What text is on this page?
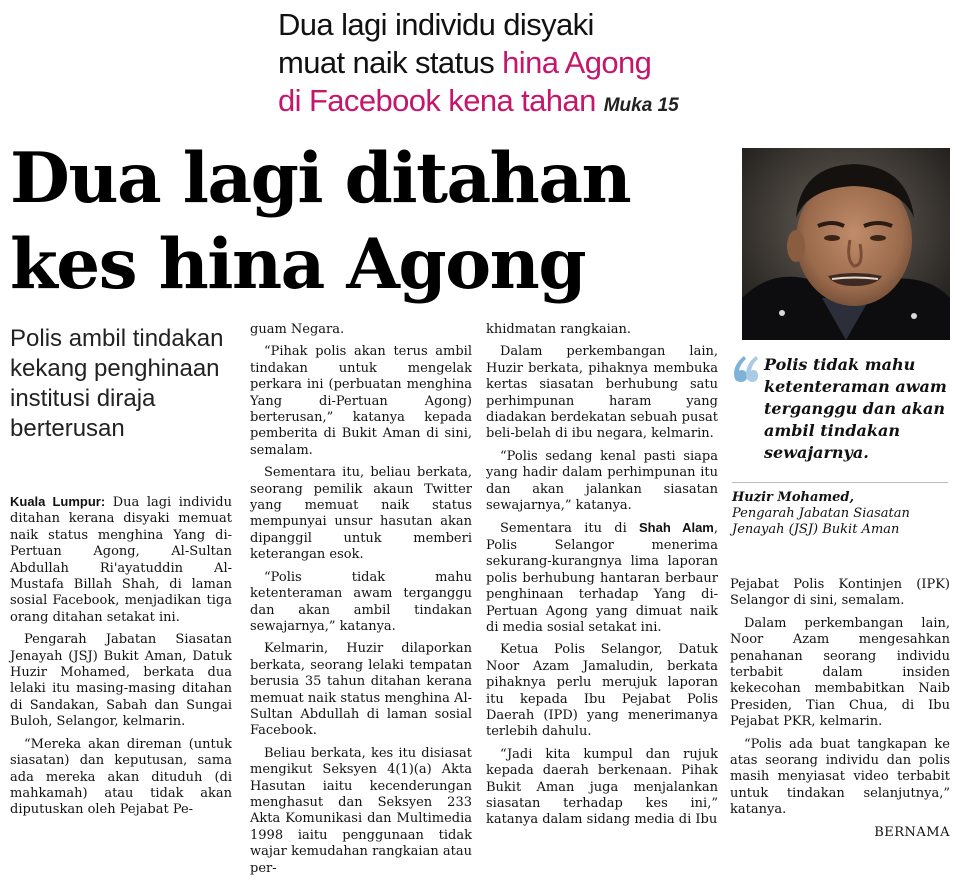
Dua lagi individu disyaki
muat naik status hina Agong
di Facebook kena tahan Muka 15
Dua lagi ditahan
kes hina Agong
Polis ambil tindakan kekang penghinaan institusi diraja berterusan

Kuala Lumpur: Dua lagi individu ditahan kerana disyaki memuat naik status menghina Yang di-Pertuan Agong, Al-Sultan Abdullah Ri'ayatuddin Al-Mustafa Billah Shah, di laman sosial Facebook, menjadikan tiga orang ditahan setakat ini.

Pengarah Jabatan Siasatan Jenayah (JSJ) Bukit Aman, Datuk Huzir Mohamed, berkata dua lelaki itu masing-masing ditahan di Sandakan, Sabah dan Sungai Buloh, Selangor, kelmarin.

“Mereka akan direman (untuk siasatan) dan keputusan, sama ada mereka akan dituduh (di mahkamah) atau tidak akan diputuskan oleh Pejabat Pe-

guam Negara.

“Pihak polis akan terus ambil tindakan untuk mengelak perkara ini (perbuatan menghina Yang di-Pertuan Agong) berterusan,” katanya kepada pemberita di Bukit Aman di sini, semalam.

Sementara itu, beliau berkata, seorang pemilik akaun Twitter yang memuat naik status mempunyai unsur hasutan akan dipanggil untuk memberi keterangan esok.

“Polis tidak mahu ketenteraman awam terganggu dan akan ambil tindakan sewajarnya,” katanya.

Kelmarin, Huzir dilaporkan berkata, seorang lelaki tempatan berusia 35 tahun ditahan kerana memuat naik status menghina Al-Sultan Abdullah di laman sosial Facebook.

Beliau berkata, kes itu disiasat mengikut Seksyen 4(1)(a) Akta Hasutan iaitu kecenderungan menghasut dan Seksyen 233 Akta Komunikasi dan Multimedia 1998 iaitu penggunaan tidak wajar kemudahan rangkaian atau per-

khidmatan rangkaian.

Dalam perkembangan lain, Huzir berkata, pihaknya membuka kertas siasatan berhubung satu perhimpunan haram yang diadakan berdekatan sebuah pusat beli-belah di ibu negara, kelmarin.

“Polis sedang kenal pasti siapa yang hadir dalam perhimpunan itu dan akan jalankan siasatan sewajarnya,” katanya.

Sementara itu di Shah Alam, Polis Selangor menerima sekurang-kurangnya lima laporan polis berhubung hantaran berbaur penghinaan terhadap Yang di-Pertuan Agong yang dimuat naik di media sosial setakat ini.

Ketua Polis Selangor, Datuk Noor Azam Jamaludin, berkata pihaknya perlu merujuk laporan itu kepada Ibu Pejabat Polis Daerah (IPD) yang menerimanya terlebih dahulu.

“Jadi kita kumpul dan rujuk kepada daerah berkenaan. Pihak Bukit Aman juga menjalankan siasatan terhadap kes ini,” katanya dalam sidang media di Ibu

Polis tidak mahu ketenteraman awam terganggu dan akan ambil tindakan sewajarnya.
Huzir Mohamed,
Pengarah Jabatan Siasatan Jenayah (JSJ) Bukit Aman

Pejabat Polis Kontinjen (IPK) Selangor di sini, semalam.

Dalam perkembangan lain, Noor Azam mengesahkan penahanan seorang individu terbabit dalam insiden kekecohan membabitkan Naib Presiden, Tian Chua, di Ibu Pejabat PKR, kelmarin.

“Polis ada buat tangkapan ke atas seorang individu dan polis masih menyiasat video terbabit untuk tindakan selanjutnya,” katanya.

BERNAMA
